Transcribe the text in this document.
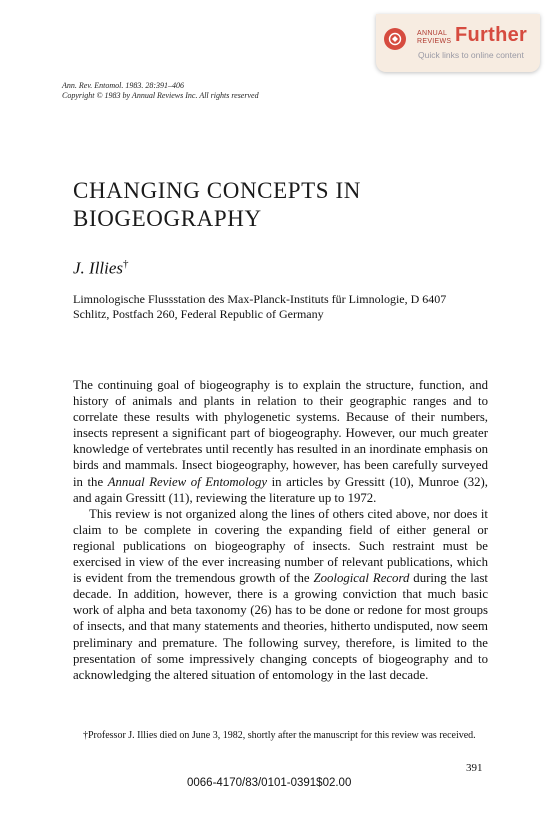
ANNUAL
REVIEWS Further
Quick links to online content
Ann. Rev. Entomol. 1983. 28:391–406
Copyright © 1983 by Annual Reviews Inc. All rights reserved
CHANGING CONCEPTS IN
BIOGEOGRAPHY
J. Illies†
Limnologische Flussstation des Max-Planck-Instituts für Limnologie, D 6407
Schlitz, Postfach 260, Federal Republic of Germany

The continuing goal of biogeography is to explain the structure, function, and history of animals and plants in relation to their geographic ranges and to correlate these results with phylogenetic systems. Because of their numbers, insects represent a significant part of biogeography. However, our much greater knowledge of vertebrates until recently has resulted in an inordinate emphasis on birds and mammals. Insect biogeography, however, has been carefully surveyed in the Annual Review of Entomology in articles by Gressitt (10), Munroe (32), and again Gressitt (11), reviewing the literature up to 1972.

This review is not organized along the lines of others cited above, nor does it claim to be complete in covering the expanding field of either general or regional publications on biogeography of insects. Such restraint must be exercised in view of the ever increasing number of relevant publications, which is evident from the tremendous growth of the Zoological Record during the last decade. In addition, however, there is a growing conviction that much basic work of alpha and beta taxonomy (26) has to be done or redone for most groups of insects, and that many statements and theories, hitherto undisputed, now seem preliminary and premature. The following survey, therefore, is limited to the presentation of some impressively changing concepts of biogeography and to acknowledging the altered situation of entomology in the last decade.

†Professor J. Illies died on June 3, 1982, shortly after the manuscript for this review was received.
391
0066-4170/83/0101-0391$02.00
